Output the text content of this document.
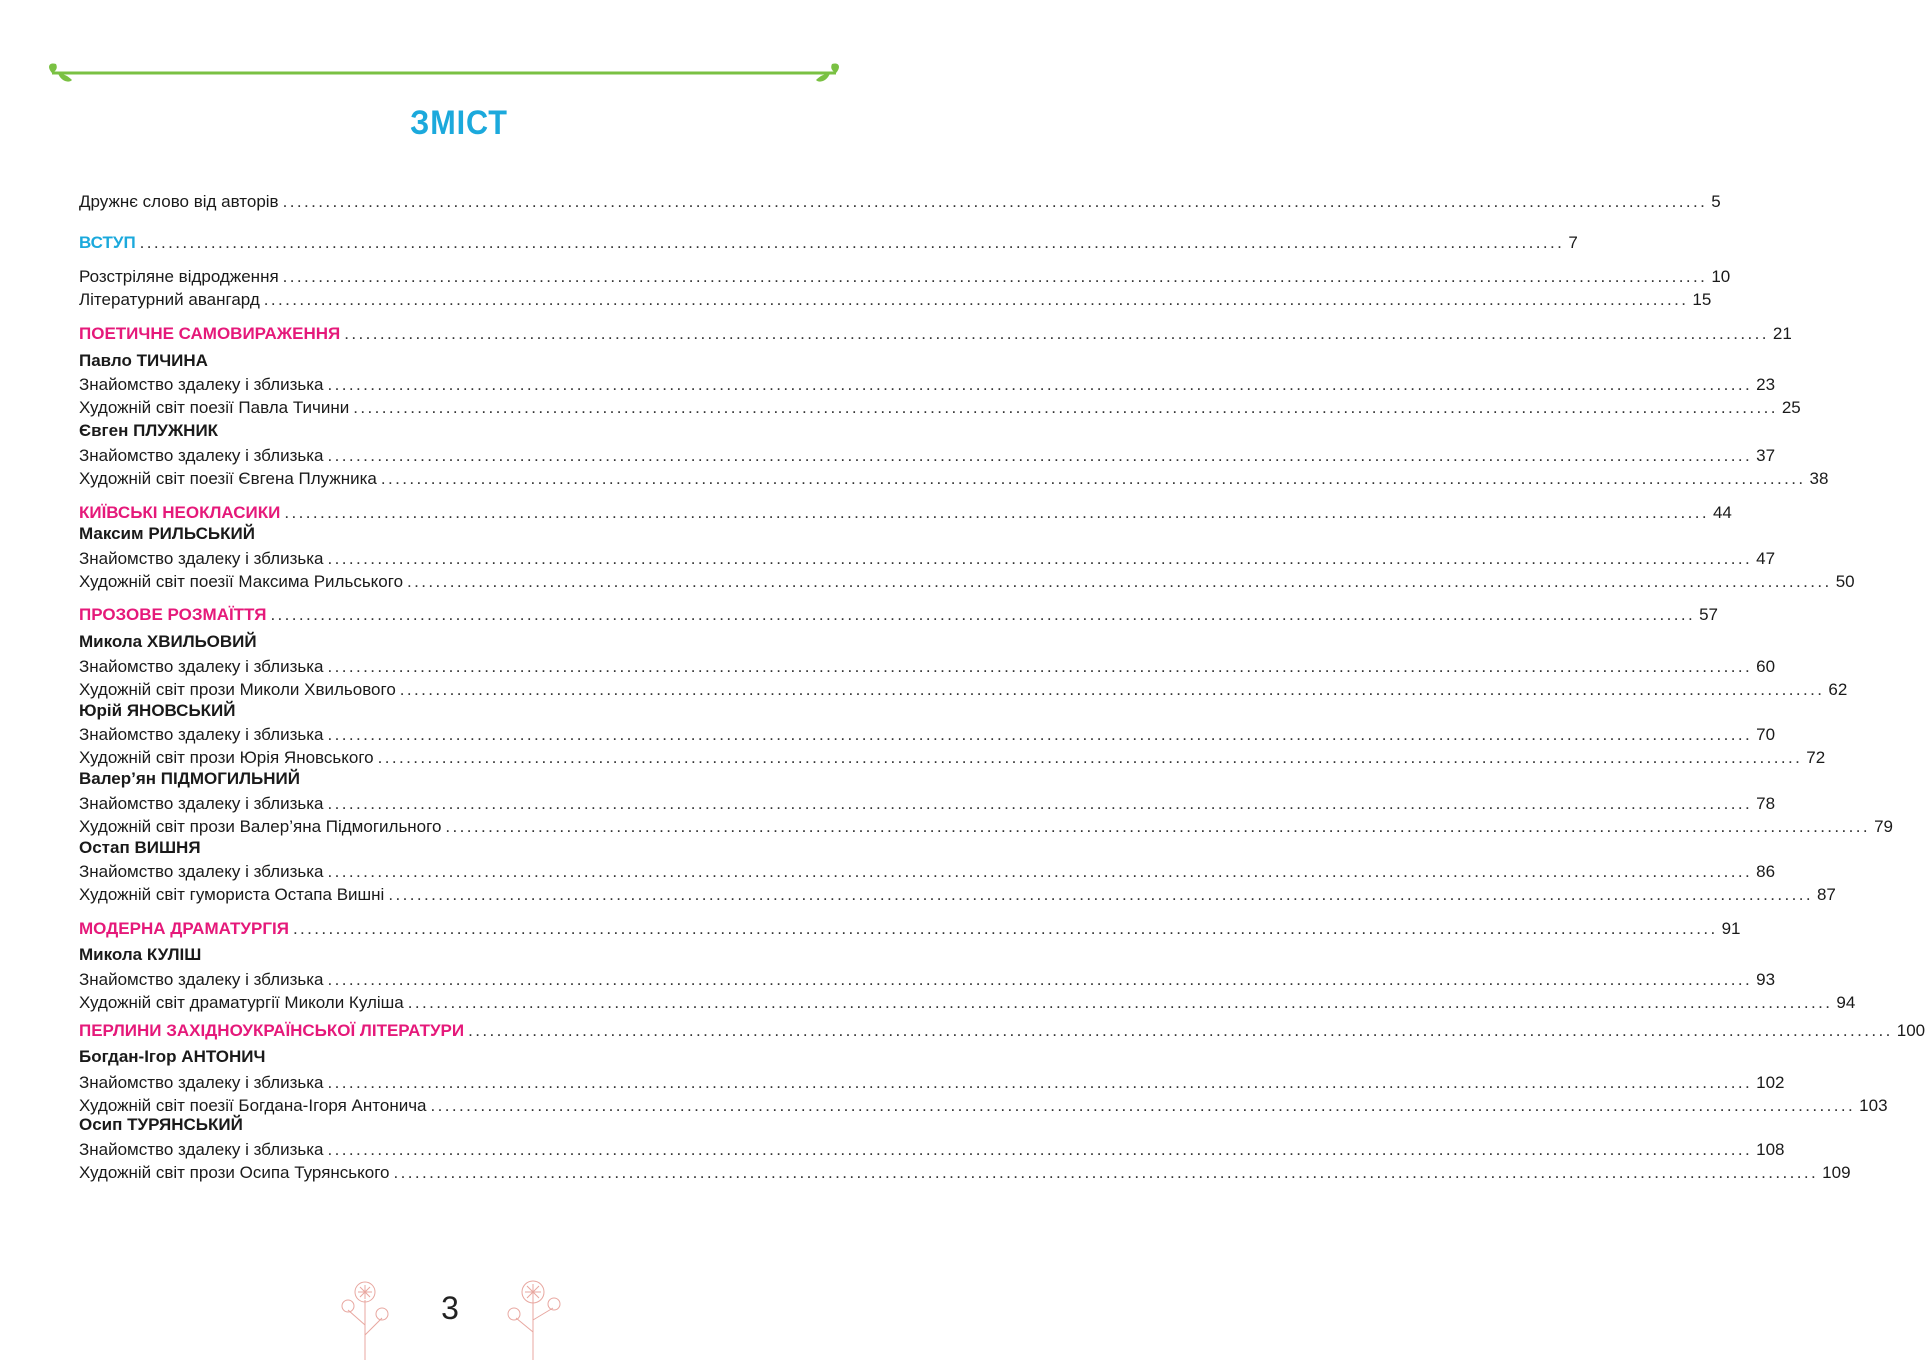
ЗМІСТ
Дружнє слово від авторів ........................................................................................................................................................................................................ 5
ВСТУП ........................................................................................................................................................................................................ 7
Розстріляне відродження ........................................................................................................................................................................................................ 10
Літературний авангард ........................................................................................................................................................................................................ 15
ПОЕТИЧНЕ САМОВИРАЖЕННЯ ........................................................................................................................................................................................................ 21
Павло ТИЧИНА
Знайомство здалеку і зблизька ........................................................................................................................................................................................................ 23
Художній світ поезії Павла Тичини ........................................................................................................................................................................................................ 25
Євген ПЛУЖНИК
Знайомство здалеку і зблизька ........................................................................................................................................................................................................ 37
Художній світ поезії Євгена Плужника ........................................................................................................................................................................................................ 38
КИЇВСЬКІ НЕОКЛАСИКИ ........................................................................................................................................................................................................ 44
Максим РИЛЬСЬКИЙ
Знайомство здалеку і зблизька ........................................................................................................................................................................................................ 47
Художній світ поезії Максима Рильського ........................................................................................................................................................................................................ 50
ПРОЗОВЕ РОЗМАЇТТЯ ........................................................................................................................................................................................................ 57
Микола ХВИЛЬОВИЙ
Знайомство здалеку і зблизька ........................................................................................................................................................................................................ 60
Художній світ прози Миколи Хвильового ........................................................................................................................................................................................................ 62
Юрій ЯНОВСЬКИЙ
Знайомство здалеку і зблизька ........................................................................................................................................................................................................ 70
Художній світ прози Юрія Яновського ........................................................................................................................................................................................................ 72
Валер’ян ПІДМОГИЛЬНИЙ
Знайомство здалеку і зблизька ........................................................................................................................................................................................................ 78
Художній світ прози Валер’яна Підмогильного ........................................................................................................................................................................................................ 79
Остап ВИШНЯ
Знайомство здалеку і зблизька ........................................................................................................................................................................................................ 86
Художній світ гумориста Остапа Вишні ........................................................................................................................................................................................................ 87
МОДЕРНА ДРАМАТУРГІЯ ........................................................................................................................................................................................................ 91
Микола КУЛІШ
Знайомство здалеку і зблизька ........................................................................................................................................................................................................ 93
Художній світ драматургії Миколи Куліша ........................................................................................................................................................................................................ 94
ПЕРЛИНИ ЗАХІДНОУКРАЇНСЬКОЇ ЛІТЕРАТУРИ ........................................................................................................................................................................................................ 100
Богдан-Ігор АНТОНИЧ
Знайомство здалеку і зблизька ........................................................................................................................................................................................................ 102
Художній світ поезії Богдана-Ігоря Антонича ........................................................................................................................................................................................................ 103
Осип ТУРЯНСЬКИЙ
Знайомство здалеку і зблизька ........................................................................................................................................................................................................ 108
Художній світ прози Осипа Турянського ........................................................................................................................................................................................................ 109
3
